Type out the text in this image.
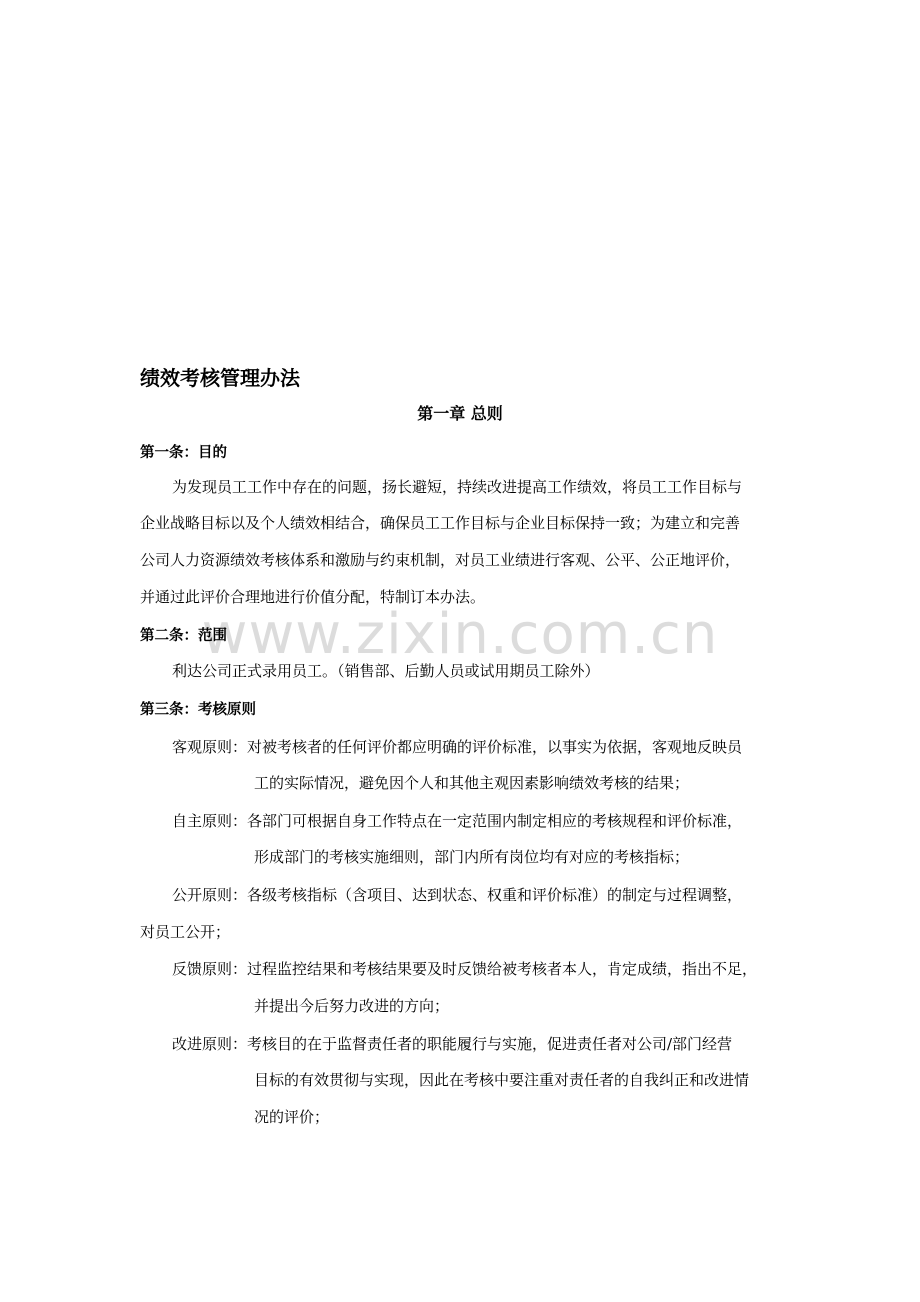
绩效考核管理办法
第一章 总则
第一条：目的
为发现员工工作中存在的问题，扬长避短，持续改进提高工作绩效，将员工工作目标与
企业战略目标以及个人绩效相结合，确保员工工作目标与企业目标保持一致；为建立和完善
公司人力资源绩效考核体系和激励与约束机制，对员工业绩进行客观、公平、公正地评价，
并通过此评价合理地进行价值分配，特制订本办法。
www.zixin.com.cn
第二条：范围
利达公司正式录用员工。（销售部、后勤人员或试用期员工除外）
第三条：考核原则
客观原则：对被考核者的任何评价都应明确的评价标准，以事实为依据，客观地反映员
工的实际情况，避免因个人和其他主观因素影响绩效考核的结果；
自主原则：各部门可根据自身工作特点在一定范围内制定相应的考核规程和评价标准，
形成部门的考核实施细则，部门内所有岗位均有对应的考核指标；
公开原则：各级考核指标（含项目、达到状态、权重和评价标准）的制定与过程调整，
对员工公开；
反馈原则：过程监控结果和考核结果要及时反馈给被考核者本人，肯定成绩，指出不足，
并提出今后努力改进的方向；
改进原则：考核目的在于监督责任者的职能履行与实施，促进责任者对公司/部门经营
目标的有效贯彻与实现，因此在考核中要注重对责任者的自我纠正和改进情
况的评价；
